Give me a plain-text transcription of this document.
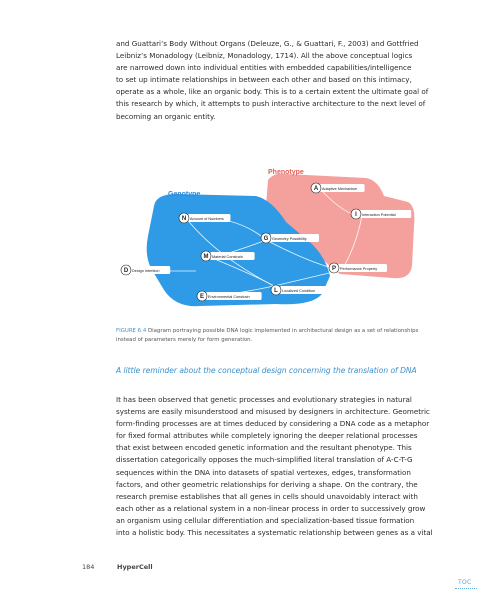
and Guattari’s Body Without Organs (Deleuze, G., & Guattari, F., 2003) and Gottfried
Leibniz’s Monadology (Leibniz, Monadology, 1714). All the above conceptual logics
are narrowed down into individual entities with embedded capabilities/intelligence
to set up intimate relationships in between each other and based on this intimacy,
operate as a whole, like an organic body. This is to a certain extent the ultimate goal of
this research by which, it attempts to push interactive architecture to the next level of
becoming an organic entity.
Phenotype
Genotype
A Adaptive Mechanism
N Amount of Numbers
I Interaction Potential
G Geometry Possibility
M Material Constrain
D Design Intention	P Performance Property
L Localized Condition
E Environmental Constrain
FIGURE 6.4 Diagram portraying possible DNA logic implemented in architectural design as a set of relationships instead of parameters merely for form generation.
A little reminder about the conceptual design concerning the translation of DNA
It has been observed that genetic processes and evolutionary strategies in natural
systems are easily misunderstood and misused by designers in architecture. Geometric
form-finding processes are at times deduced by considering a DNA code as a metaphor
for fixed formal attributes while completely ignoring the deeper relational processes
that exist between encoded genetic information and the resultant phenotype. This
dissertation categorically opposes the much-simplified literal translation of A-C-T-G
sequences within the DNA into datasets of spatial vertexes, edges, transformation
factors, and other geometric relationships for deriving a shape. On the contrary, the
research premise establishes that all genes in cells should unavoidably interact with
each other as a relational system in a non-linear process in order to successively grow
an organism using cellular differentiation and specialization-based tissue formation
into a holistic body. This necessitates a systematic relationship between genes as a vital
184	HyperCell
TOC
